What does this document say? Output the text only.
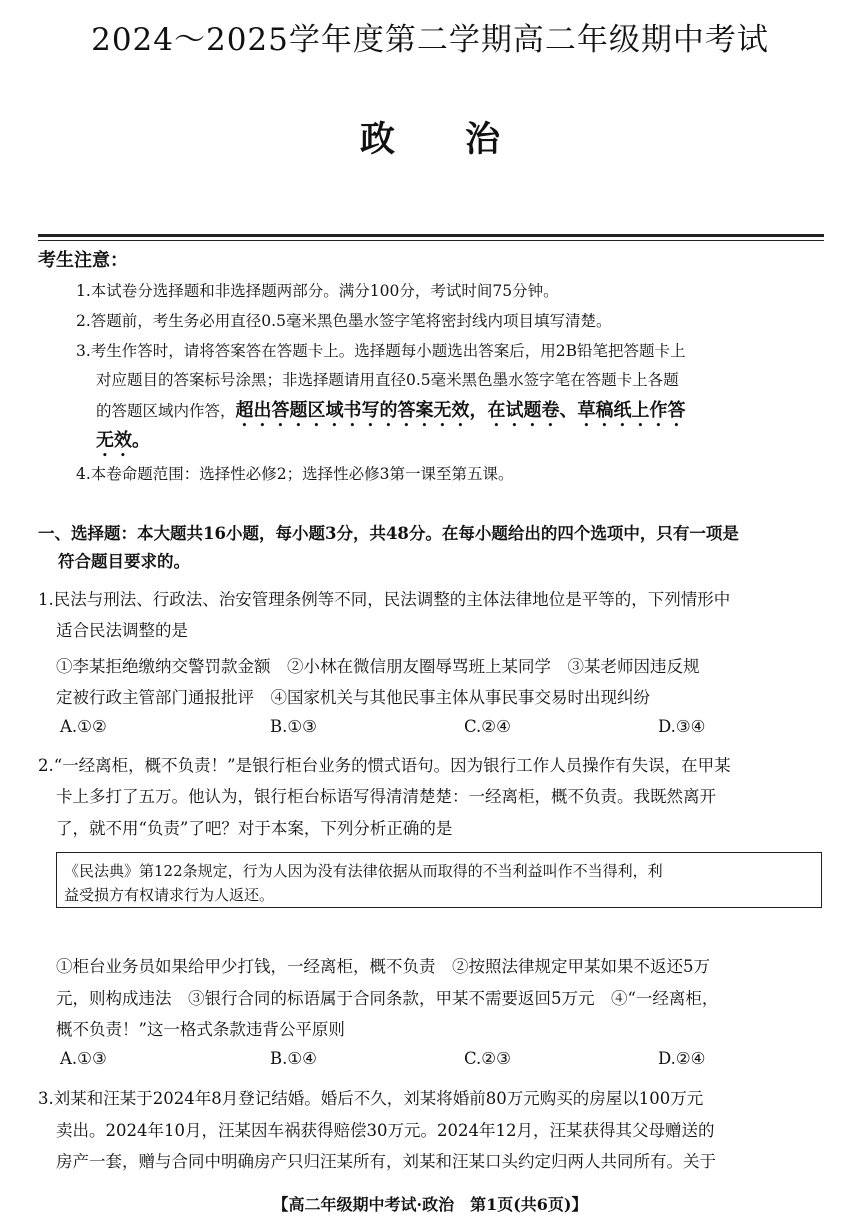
2024～2025学年度第二学期高二年级期中考试
政治
考生注意：
1.本试卷分选择题和非选择题两部分。满分100分，考试时间75分钟。
2.答题前，考生务必用直径0.5毫米黑色墨水签字笔将密封线内项目填写清楚。
3.考生作答时，请将答案答在答题卡上。选择题每小题选出答案后，用2B铅笔把答题卡上
对应题目的答案标号涂黑；非选择题请用直径0.5毫米黑色墨水签字笔在答题卡上各题
的答题区域内作答，超出答题区域书写的答案无效，在试题卷、草稿纸上作答
无效。
4.本卷命题范围：选择性必修2；选择性必修3第一课至第五课。
一、选择题：本大题共16小题，每小题3分，共48分。在每小题给出的四个选项中，只有一项是
符合题目要求的。
1.民法与刑法、行政法、治安管理条例等不同，民法调整的主体法律地位是平等的，下列情形中
适合民法调整的是
①李某拒绝缴纳交警罚款金额　②小林在微信朋友圈辱骂班上某同学　③某老师因违反规
定被行政主管部门通报批评　④国家机关与其他民事主体从事民事交易时出现纠纷
A.①②	B.①③	C.②④	D.③④
2.“一经离柜，概不负责！”是银行柜台业务的惯式语句。因为银行工作人员操作有失误，在甲某
卡上多打了五万。他认为，银行柜台标语写得清清楚楚：一经离柜，概不负责。我既然离开
了，就不用“负责”了吧？对于本案，下列分析正确的是
《民法典》第122条规定，行为人因为没有法律依据从而取得的不当利益叫作不当得利，利
益受损方有权请求行为人返还。
①柜台业务员如果给甲少打钱，一经离柜，概不负责　②按照法律规定甲某如果不返还5万
元，则构成违法　③银行合同的标语属于合同条款，甲某不需要返回5万元　④“一经离柜，
概不负责！”这一格式条款违背公平原则
A.①③	B.①④	C.②③	D.②④
3.刘某和汪某于2024年8月登记结婚。婚后不久，刘某将婚前80万元购买的房屋以100万元
卖出。2024年10月，汪某因车祸获得赔偿30万元。2024年12月，汪某获得其父母赠送的
房产一套，赠与合同中明确房产只归汪某所有，刘某和汪某口头约定归两人共同所有。关于
【高二年级期中考试·政治　第1页(共6页)】
